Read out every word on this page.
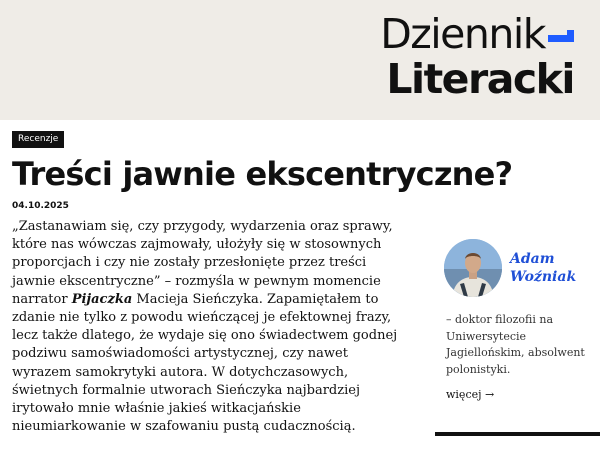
Dziennik
Literacki
Recenzje
Treści jawnie ekscentryczne?
04.10.2025

„Zastanawiam się, czy przygody, wydarzenia oraz sprawy, które nas wówczas zajmowały, ułożyły się w stosownych proporcjach i czy nie zostały przesłonięte przez treści jawnie ekscentryczne” – rozmyśla w pewnym momencie narrator Pijaczka Macieja Sieńczyka. Zapamiętałem to zdanie nie tylko z powodu wieńczącej je efektownej frazy, lecz także dlatego, że wydaje się ono świadectwem godnej podziwu samoświadomości artystycznej, czy nawet wyrazem samokrytyki autora. W dotychczasowych, świetnych formalnie utworach Sieńczyka najbardziej irytowało mnie właśnie jakieś witkacjańskie nieumiarkowanie w szafowaniu pustą cudacznością.

Adam
Woźniak
– doktor filozofii na Uniwersytecie Jagiellońskim, absolwent polonistyki.
więcej →
